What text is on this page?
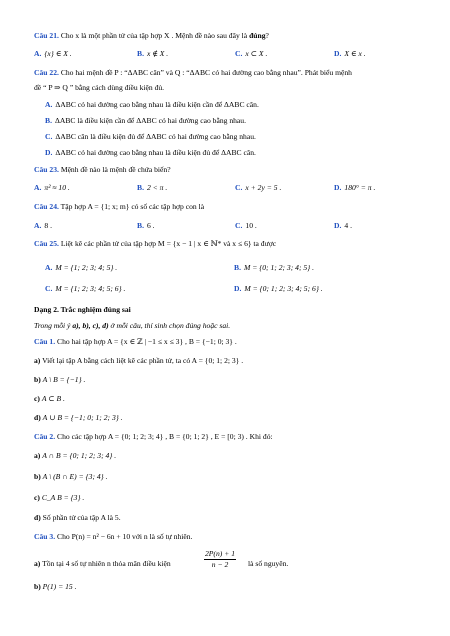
Câu 21. Cho x là một phần tử của tập hợp X . Mệnh đề nào sau đây là đúng?
A. {x} ∈ X .	B. x ∉ X .	C. x ⊂ X .	D. X ∈ x .
Câu 22. Cho hai mệnh đề P : “ΔABC cân” và Q : “ΔABC có hai đường cao bằng nhau”. Phát biểu mệnh
đề “ P ⇒ Q ” bằng cách dùng điều kiện đủ.
A. ΔABC có hai đường cao bằng nhau là điều kiện cần để ΔABC cân.
B. ΔABC là điều kiện cần để ΔABC có hai đường cao bằng nhau.
C. ΔABC cân là điều kiện đủ để ΔABC có hai đường cao bằng nhau.
D. ΔABC có hai đường cao bằng nhau là điều kiện đủ để ΔABC cân.
Câu 23. Mệnh đề nào là mệnh đề chứa biến?
A. π² ≈ 10 .	B. 2 < π .	C. x + 2y = 5 .	D. 180° = π .
Câu 24. Tập hợp A = {1; x; m} có số các tập hợp con là
A. 8 .	B. 6 .	C. 10 .	D. 4 .
Câu 25. Liệt kê các phần tử của tập hợp M = {x − 1 | x ∈ ℕ* và x ≤ 6} ta được
A. M = {1; 2; 3; 4; 5} .	B. M = {0; 1; 2; 3; 4; 5} .
C. M = {1; 2; 3; 4; 5; 6} .	D. M = {0; 1; 2; 3; 4; 5; 6} .
Dạng 2. Trắc nghiệm đúng sai
Trong mỗi ý a), b), c), d) ở mỗi câu, thí sinh chọn đúng hoặc sai.
Câu 1. Cho hai tập hợp A = {x ∈ ℤ | −1 ≤ x ≤ 3} , B = {−1; 0; 3} .
a) Viết lại tập A bằng cách liệt kê các phần tử, ta có A = {0; 1; 2; 3} .
b) A \ B = {−1} .
c) A ⊂ B .
d) A ∪ B = {−1; 0; 1; 2; 3} .
Câu 2. Cho các tập hợp A = {0; 1; 2; 3; 4} , B = {0; 1; 2} , E = [0; 3) . Khi đó:
a) A ∩ B = {0; 1; 2; 3; 4} .
b) A \ (B ∩ E) = {3; 4} .
c) C_A B = {3} .
d) Số phần tử của tập A là 5.
Câu 3. Cho P(n) = n² − 6n + 10 với n là số tự nhiên.
a) Tồn tại 4 số tự nhiên n thỏa mãn điều kiện	$\frac{2P(n) + 1}{n - 2}$ là số nguyên.
b) P(1) = 15 .
